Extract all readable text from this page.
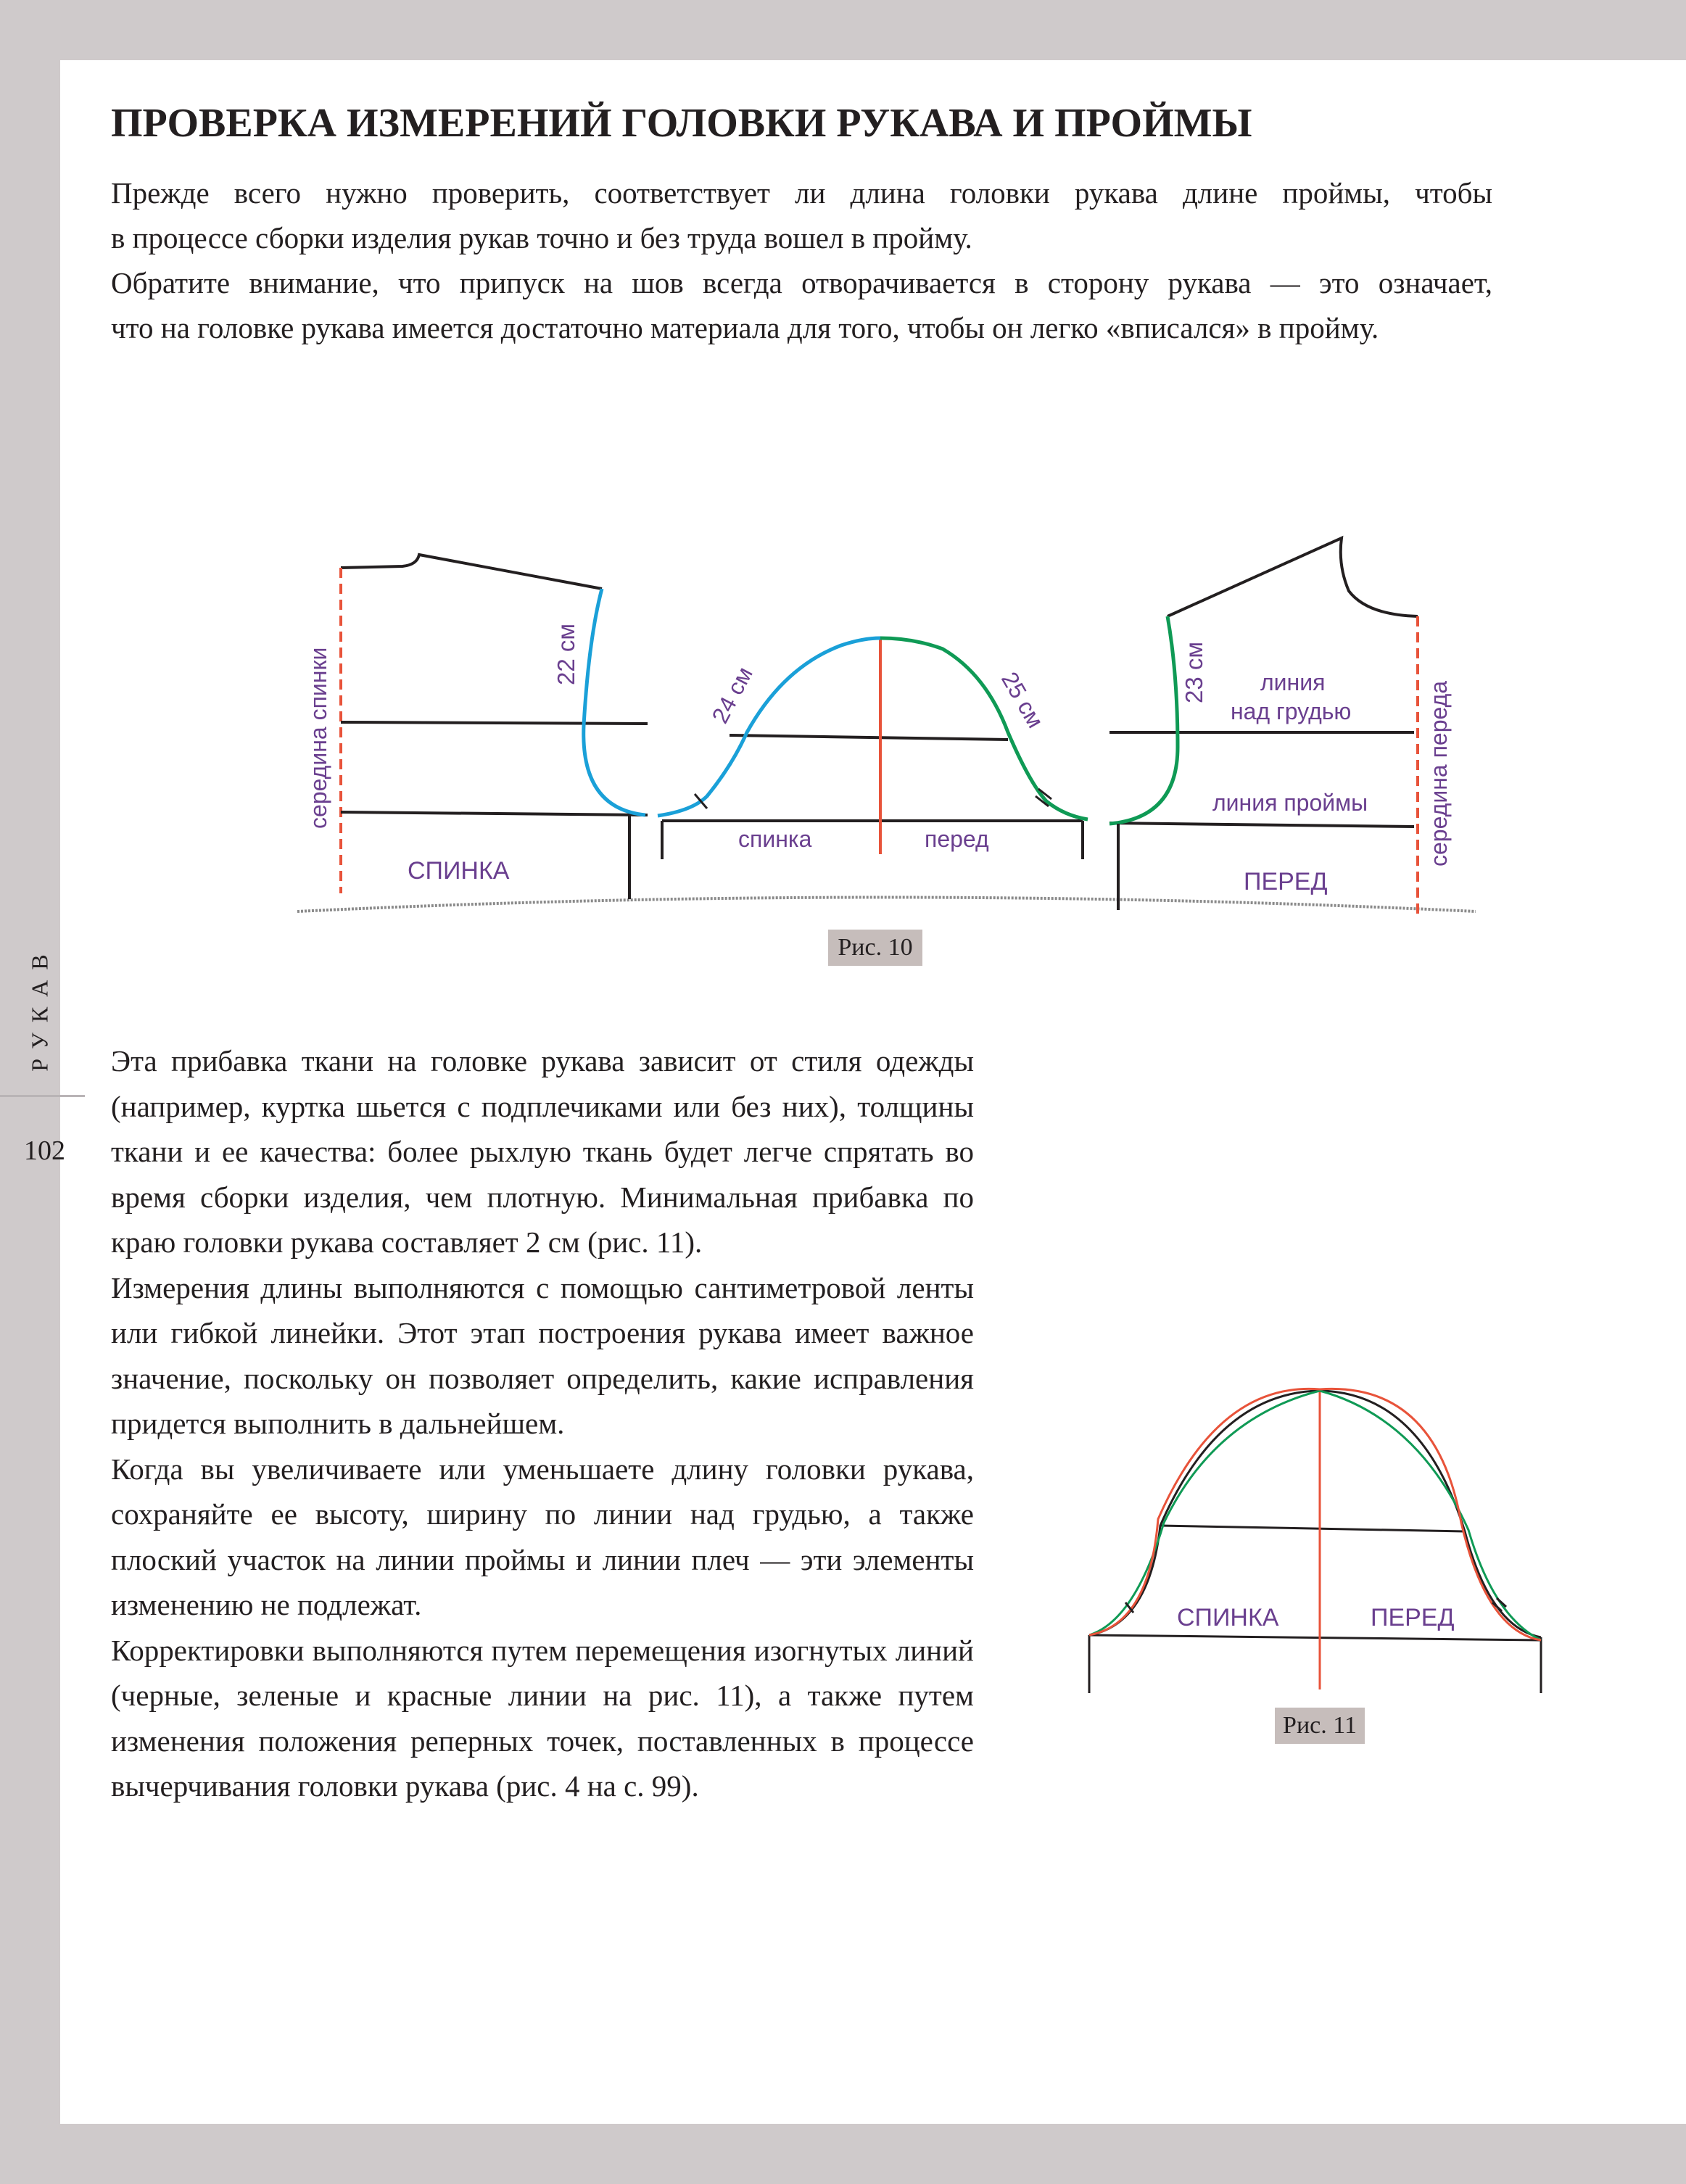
ПРОВЕРКА ИЗМЕРЕНИЙ ГОЛОВКИ РУКАВА И ПРОЙМЫ

Прежде всего нужно проверить, соответствует ли длина головки рукава длине проймы, чтобы

в процессе сборки изделия рукав точно и без труда вошел в пройму.

Обратите внимание, что припуск на шов всегда отворачивается в сторону рукава — это означает,

что на головке рукава имеется достаточно материала для того, чтобы он легко «вписался» в пройму.

середина спинки	22 см
СПИНКА
24 см	25 см
спинка	перед
23 см линия
над грудью
линия проймы середина переда
ПЕРЕД
Рис. 10
РУКАВ
102

Эта прибавка ткани на головке рукава зависит от стиля одежды (например, куртка шьется с подплечиками или без них), толщины ткани и ее качества: более рыхлую ткань будет легче спрятать во время сборки изделия, чем плотную. Минимальная прибавка по краю головки рукава составляет 2 см (рис. 11).

Измерения длины выполняются с помощью сантиметровой ленты или гибкой линейки. Этот этап построения рукава имеет важное значение, поскольку он позволяет определить, какие исправления придется выполнить в дальнейшем.

Когда вы увеличиваете или уменьшаете длину головки рукава, сохраняйте ее высоту, ширину по линии над грудью, а также плоский участок на линии проймы и линии плеч — эти элементы изменению не подлежат.

Корректировки выполняются путем перемещения изогнутых линий (черные, зеленые и красные линии на рис. 11), а также путем изменения положения реперных точек, поставленных в процессе вычерчивания головки рукава (рис. 4 на с. 99).

СПИНКА	ПЕРЕД
Рис. 11
